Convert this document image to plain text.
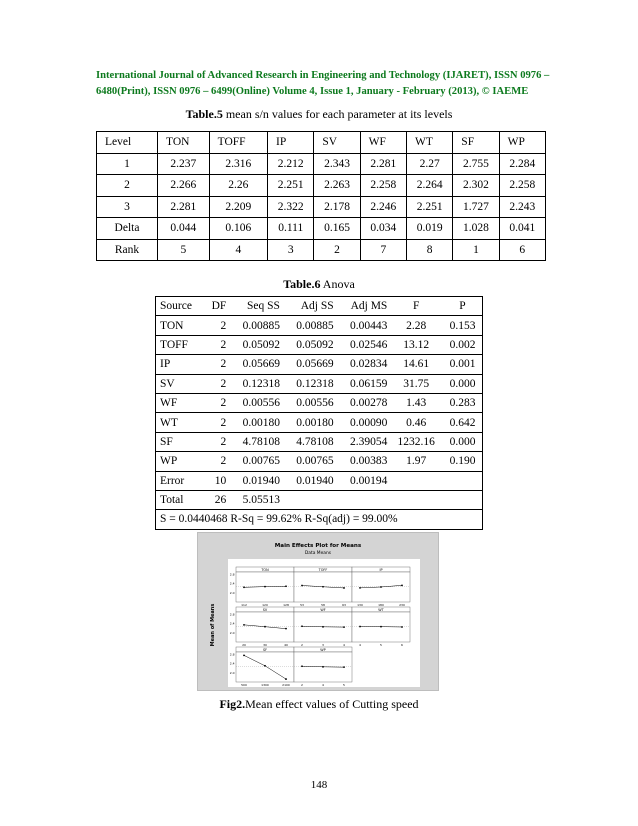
International Journal of Advanced Research in Engineering and Technology (IJARET), ISSN 0976 –
6480(Print), ISSN 0976 – 6499(Online) Volume 4, Issue 1, January - February (2013), © IAEME
Table.5 mean s/n values for each parameter at its levels
Level	TON	TOFF	IP	SV	WF	WT	SF	WP
1	2.237	2.316	2.212	2.343	2.281	2.27	2.755	2.284
2	2.266	2.26	2.251	2.263	2.258	2.264	2.302	2.258
3	2.281	2.209	2.322	2.178	2.246	2.251	1.727	2.243
Delta	0.044	0.106	0.111	0.165	0.034	0.019	1.028	0.041
Rank	5	4	3	2	7	8	1	6
Table.6 Anova
Source	DF	Seq SS	Adj SS	Adj MS	F	P
TON	2	0.00885	0.00885	0.00443	2.28	0.153
TOFF	2	0.05092	0.05092	0.02546	13.12	0.002
IP	2	0.05669	0.05669	0.02834	14.61	0.001
SV	2	0.12318	0.12318	0.06159	31.75	0.000
WF	2	0.00556	0.00556	0.00278	1.43	0.283
WT	2	0.00180	0.00180	0.00090	0.46	0.642
SF	2	4.78108	4.78108	2.39054	1232.16	0.000
WP	2	0.00765	0.00765	0.00383	1.97	0.190
Error	10	0.01940	0.01940	0.00194		
Total	26	5.05513				
S = 0.0440468 R-Sq = 99.62% R-Sq(adj) = 99.00%						
Main Effects Plot for Means
Data Means
Mean of Means
TON
112	120	128
2.8
2.4
2.0
TOFF
53	58	63
IP
130	180	230
SV
20	30	40
2.8
2.4
2.0
WF
2	3	4
WT
4	5	6
SF
500	1300	2100
2.8
2.4
2.0
WP
2	4	5
Fig2.Mean effect values of Cutting speed
148
